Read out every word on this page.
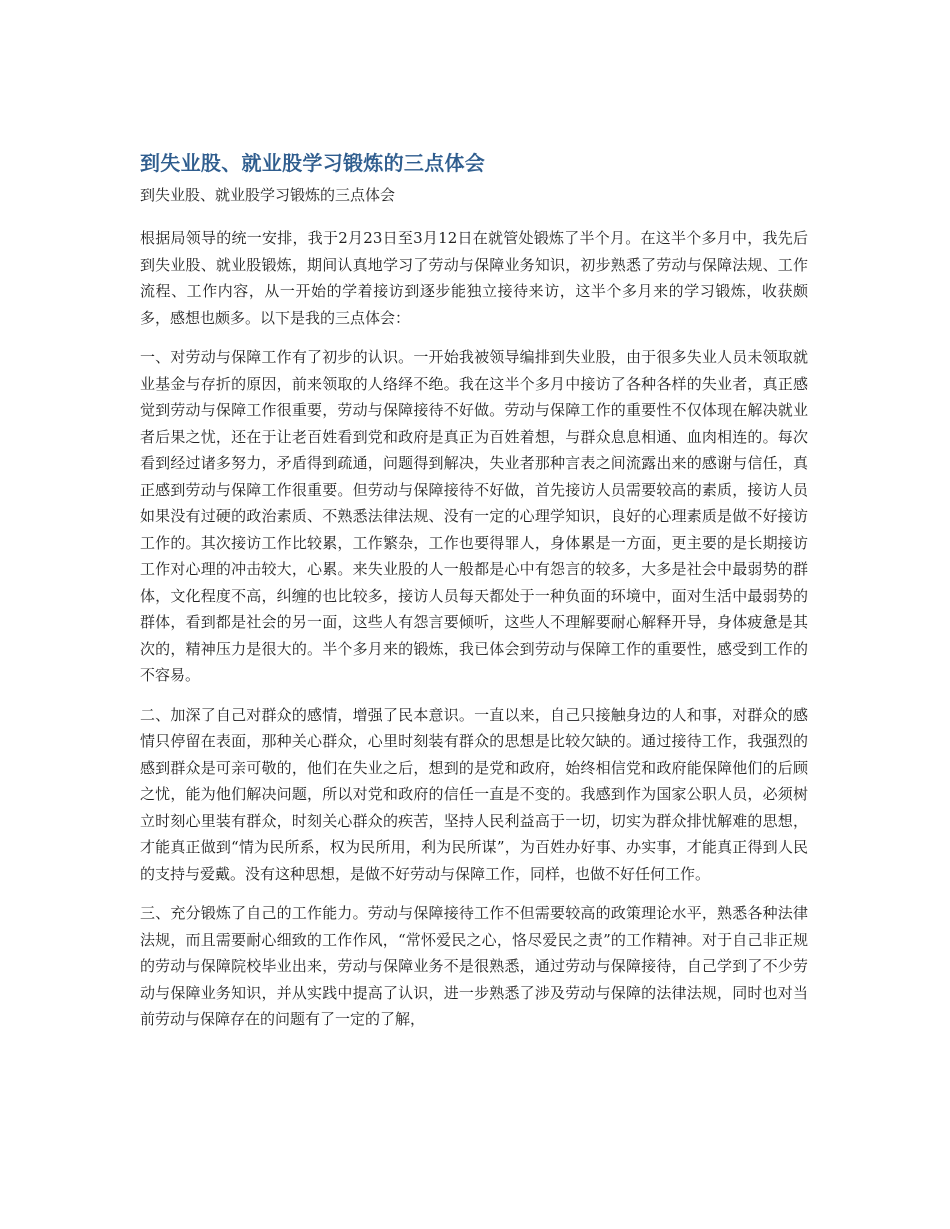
到失业股、就业股学习锻炼的三点体会
到失业股、就业股学习锻炼的三点体会

根据局领导的统一安排，我于2月23日至3月12日在就管处锻炼了半个月。在这半个多月中，我先后到失业股、就业股锻炼，期间认真地学习了劳动与保障业务知识，初步熟悉了劳动与保障法规、工作流程、工作内容，从一开始的学着接访到逐步能独立接待来访，这半个多月来的学习锻炼，收获颇多，感想也颇多。以下是我的三点体会：

一、对劳动与保障工作有了初步的认识。一开始我被领导编排到失业股，由于很多失业人员未领取就业基金与存折的原因，前来领取的人络绎不绝。我在这半个多月中接访了各种各样的失业者，真正感觉到劳动与保障工作很重要，劳动与保障接待不好做。劳动与保障工作的重要性不仅体现在解决就业者后果之忧，还在于让老百姓看到党和政府是真正为百姓着想，与群众息息相通、血肉相连的。每次看到经过诸多努力，矛盾得到疏通，问题得到解决，失业者那种言表之间流露出来的感谢与信任，真正感到劳动与保障工作很重要。但劳动与保障接待不好做，首先接访人员需要较高的素质，接访人员如果没有过硬的政治素质、不熟悉法律法规、没有一定的心理学知识，良好的心理素质是做不好接访工作的。其次接访工作比较累，工作繁杂，工作也要得罪人，身体累是一方面，更主要的是长期接访工作对心理的冲击较大，心累。来失业股的人一般都是心中有怨言的较多，大多是社会中最弱势的群体，文化程度不高，纠缠的也比较多，接访人员每天都处于一种负面的环境中，面对生活中最弱势的群体，看到都是社会的另一面，这些人有怨言要倾听，这些人不理解要耐心解释开导，身体疲惫是其次的，精神压力是很大的。半个多月来的锻炼，我已体会到劳动与保障工作的重要性，感受到工作的不容易。

二、加深了自己对群众的感情，增强了民本意识。一直以来，自己只接触身边的人和事，对群众的感情只停留在表面，那种关心群众，心里时刻装有群众的思想是比较欠缺的。通过接待工作，我强烈的感到群众是可亲可敬的，他们在失业之后，想到的是党和政府，始终相信党和政府能保障他们的后顾之忧，能为他们解决问题，所以对党和政府的信任一直是不变的。我感到作为国家公职人员，必须树立时刻心里装有群众，时刻关心群众的疾苦，坚持人民利益高于一切，切实为群众排忧解难的思想，才能真正做到“情为民所系，权为民所用，利为民所谋”，为百姓办好事、办实事，才能真正得到人民的支持与爱戴。没有这种思想，是做不好劳动与保障工作，同样，也做不好任何工作。

三、充分锻炼了自己的工作能力。劳动与保障接待工作不但需要较高的政策理论水平，熟悉各种法律法规，而且需要耐心细致的工作作风，“常怀爱民之心，恪尽爱民之责”的工作精神。对于自己非正规的劳动与保障院校毕业出来，劳动与保障业务不是很熟悉，通过劳动与保障接待，自己学到了不少劳动与保障业务知识，并从实践中提高了认识，进一步熟悉了涉及劳动与保障的法律法规，同时也对当前劳动与保障存在的问题有了一定的了解，
